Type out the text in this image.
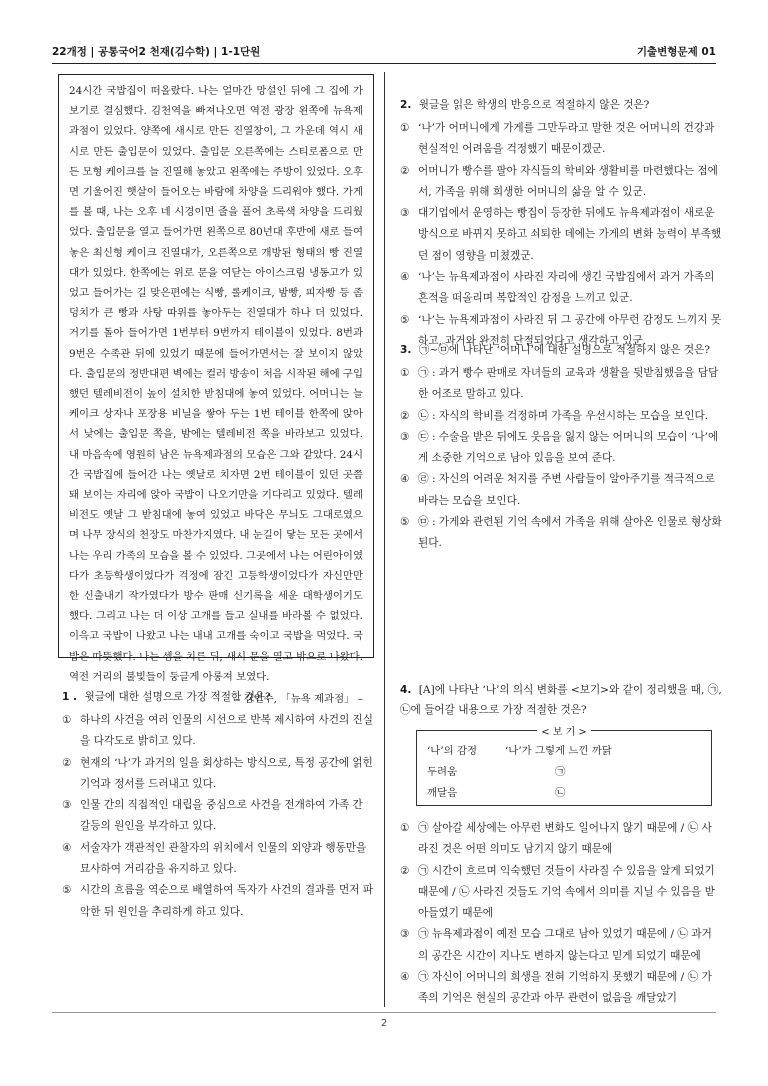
22개정 | 공통국어2 천재(김수학) | 1-1단원	기출변형문제 01

24시간 국밥집이 떠올랐다. 나는 얼마간 망설인 뒤에 그 집에 가보기로 결심했다. 김천역을 빠져나오면 역전 광장 왼쪽에 뉴욕제과점이 있었다. 양쪽에 새시로 만든 진열창이, 그 가운데 역시 새시로 만든 출입문이 있었다. 출입문 오른쪽에는 스티로폼으로 만든 모형 케이크를 늘 진열해 놓았고 왼쪽에는 주방이 있었다. 오후면 기울어진 햇살이 들어오는 바람에 차양을 드리워야 했다. 가게를 볼 때, 나는 오후 네 시경이면 줄을 풀어 초록색 차양을 드리웠었다. 출입문을 열고 들어가면 왼쪽으로 80년대 후반에 새로 들여놓은 최신형 케이크 진열대가, 오른쪽으로 개방된 형태의 빵 진열대가 있었다. 한쪽에는 위로 문을 여닫는 아이스크림 냉동고가 있었고 들어가는 길 맞은편에는 식빵, 롤케이크, 밤빵, 피자빵 등 좀 덩치가 큰 빵과 사탕 따위를 놓아두는 진열대가 하나 더 있었다. 거기를 돌아 들어가면 1번부터 9번까지 테이블이 있었다. 8번과 9번은 수족관 뒤에 있었기 때문에 들어가면서는 잘 보이지 않았다. 출입문의 정반대편 벽에는 컬러 방송이 처음 시작된 해에 구입했던 텔레비전이 높이 설치한 받침대에 놓여 있었다. 어머니는 늘 케이크 상자나 포장용 비닐을 쌓아 두는 1번 테이블 한쪽에 앉아서 낮에는 출입문 쪽을, 밤에는 텔레비전 쪽을 바라보고 있었다. 내 마음속에 영원히 남은 뉴욕제과점의 모습은 그와 같았다. 24시간 국밥집에 들어간 나는 옛날로 치자면 2번 테이블이 있던 곳쯤 돼 보이는 자리에 앉아 국밥이 나오기만을 기다리고 있었다. 텔레비전도 옛날 그 받침대에 놓여 있었고 바닥은 무늬도 그대로였으며 나무 장식의 천장도 마찬가지였다. 내 눈길이 닿는 모든 곳에서 나는 우리 가족의 모습을 볼 수 있었다. 그곳에서 나는 어린아이였다가 초등학생이었다가 걱정에 잠긴 고등학생이었다가 자신만만한 신출내기 작가였다가 방수 판매 신기록을 세운 대학생이기도 했다. 그리고 나는 더 이상 고개를 들고 실내를 바라볼 수 없었다. 이윽고 국밥이 나왔고 나는 내내 고개를 숙이고 국밥을 먹었다. 국밥은 따뜻했다. 나는 셈을 치른 뒤, 새시 문을 열고 밖으로 나왔다. 역전 거리의 불빛들이 둥글게 아롱져 보였다.

– 김연수, 「뉴욕 제과점」 –
1 . 윗글에 대한 설명으로 가장 적절한 것은?
① 하나의 사건을 여러 인물의 시선으로 반복 제시하여 사건의 진실을 다각도로 밝히고 있다.
② 현재의 ‘나’가 과거의 일을 회상하는 방식으로, 특정 공간에 얽힌 기억과 정서를 드러내고 있다.
③ 인물 간의 직접적인 대립을 중심으로 사건을 전개하여 가족 간 갈등의 원인을 부각하고 있다.
④ 서술자가 객관적인 관찰자의 위치에서 인물의 외양과 행동만을 묘사하여 거리감을 유지하고 있다.
⑤ 시간의 흐름을 역순으로 배열하여 독자가 사건의 결과를 먼저 파악한 뒤 원인을 추리하게 하고 있다.
2. 윗글을 읽은 학생의 반응으로 적절하지 않은 것은?
① ‘나’가 어머니에게 가게를 그만두라고 말한 것은 어머니의 건강과 현실적인 어려움을 걱정했기 때문이겠군.
② 어머니가 빵수를 팔아 자식들의 학비와 생활비를 마련했다는 점에서, 가족을 위해 희생한 어머니의 삶을 알 수 있군.
③ 대기업에서 운영하는 빵집이 등장한 뒤에도 뉴욕제과점이 새로운 방식으로 바뀌지 못하고 쇠퇴한 데에는 가게의 변화 능력이 부족했던 점이 영향을 미쳤겠군.
④ ‘나’는 뉴욕제과점이 사라진 자리에 생긴 국밥집에서 과거 가족의 흔적을 떠올리며 복합적인 감정을 느끼고 있군.
⑤ ‘나’는 뉴욕제과점이 사라진 뒤 그 공간에 아무런 감정도 느끼지 못하고, 과거와 완전히 단절되었다고 생각하고 있군.
3. ㉠~㉤에 나타난 ‘어머니’에 대한 설명으로 적절하지 않은 것은?
① ㉠ : 과거 빵수 판매로 자녀들의 교육과 생활을 뒷받침했음을 담담한 어조로 말하고 있다.
② ㉡ : 자식의 학비를 걱정하며 가족을 우선시하는 모습을 보인다.
③ ㉢ : 수술을 받은 뒤에도 웃음을 잃지 않는 어머니의 모습이 ‘나’에게 소중한 기억으로 남아 있음을 보여 준다.
④ ㉣ : 자신의 어려운 처지를 주변 사람들이 알아주기를 적극적으로 바라는 모습을 보인다.
⑤ ㉤ : 가게와 관련된 기억 속에서 가족을 위해 살아온 인물로 형상화된다.
4. [A]에 나타난 ‘나’의 의식 변화를 <보기>와 같이 정리했을 때, ㉠, ㉡에 들어갈 내용으로 가장 적절한 것은?
< 보 기 >
‘나’의 감정	‘나’가 그렇게 느낀 까닭
두려움	㉠
깨달음	㉡
① ㉠ 살아갈 세상에는 아무런 변화도 일어나지 않기 때문에 / ㉡ 사라진 것은 어떤 의미도 남기지 않기 때문에
② ㉠ 시간이 흐르며 익숙했던 것들이 사라질 수 있음을 알게 되었기 때문에 / ㉡ 사라진 것들도 기억 속에서 의미를 지닐 수 있음을 받아들였기 때문에
③ ㉠ 뉴욕제과점이 예전 모습 그대로 남아 있었기 때문에 / ㉡ 과거의 공간은 시간이 지나도 변하지 않는다고 믿게 되었기 때문에
④ ㉠ 자신이 어머니의 희생을 전혀 기억하지 못했기 때문에 / ㉡ 가족의 기억은 현실의 공간과 아무 관련이 없음을 깨달았기
2
